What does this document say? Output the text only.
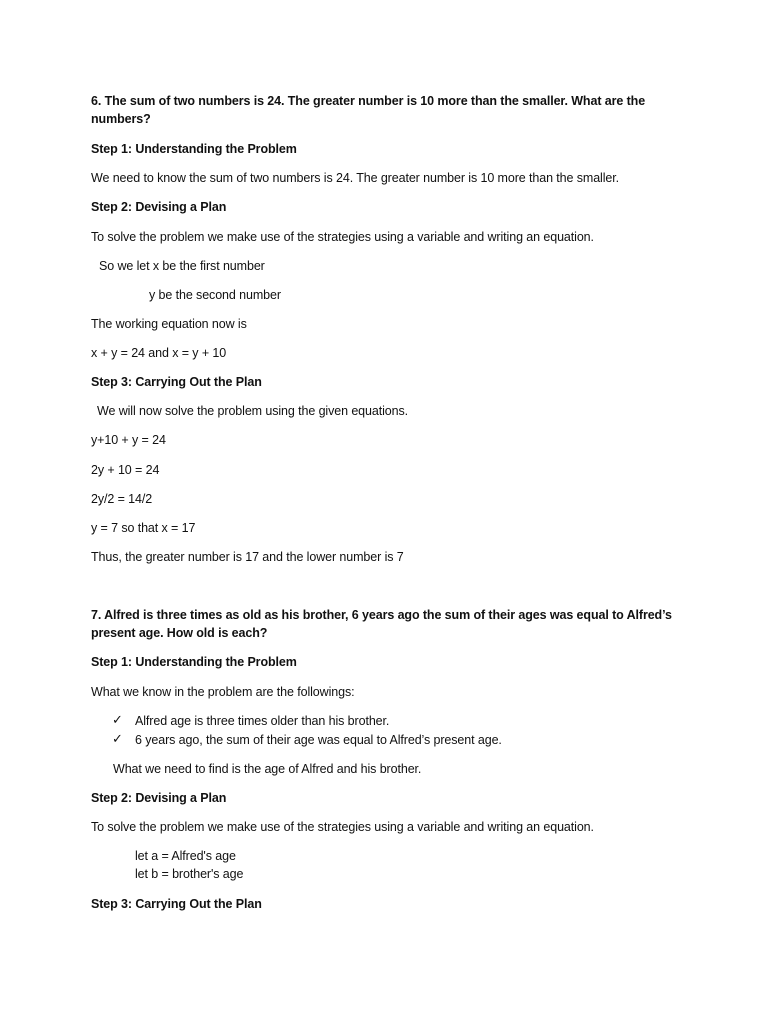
6. The sum of two numbers is 24. The greater number is 10 more than the smaller. What are the numbers?
Step 1: Understanding the Problem
We need to know the sum of two numbers is 24. The greater number is 10 more than the smaller.
Step 2: Devising a Plan
To solve the problem we make use of the strategies using a variable and writing an equation.
So we let x be the first number
y be the second number
The working equation now is
x + y = 24 and x = y + 10
Step 3: Carrying Out the Plan
We will now solve the problem using the given equations.
y+10 + y = 24
2y + 10 = 24
2y/2 = 14/2
y = 7 so that x = 17
Thus, the greater number is 17 and the lower number is 7
7. Alfred is three times as old as his brother, 6 years ago the sum of their ages was equal to Alfred’s present age. How old is each?
Step 1: Understanding the Problem
What we know in the problem are the followings:
✓ Alfred age is three times older than his brother.
✓ 6 years ago, the sum of their age was equal to Alfred’s present age.
What we need to find is the age of Alfred and his brother.
Step 2: Devising a Plan
To solve the problem we make use of the strategies using a variable and writing an equation.
let a = Alfred's age
let b = brother's age
Step 3: Carrying Out the Plan
